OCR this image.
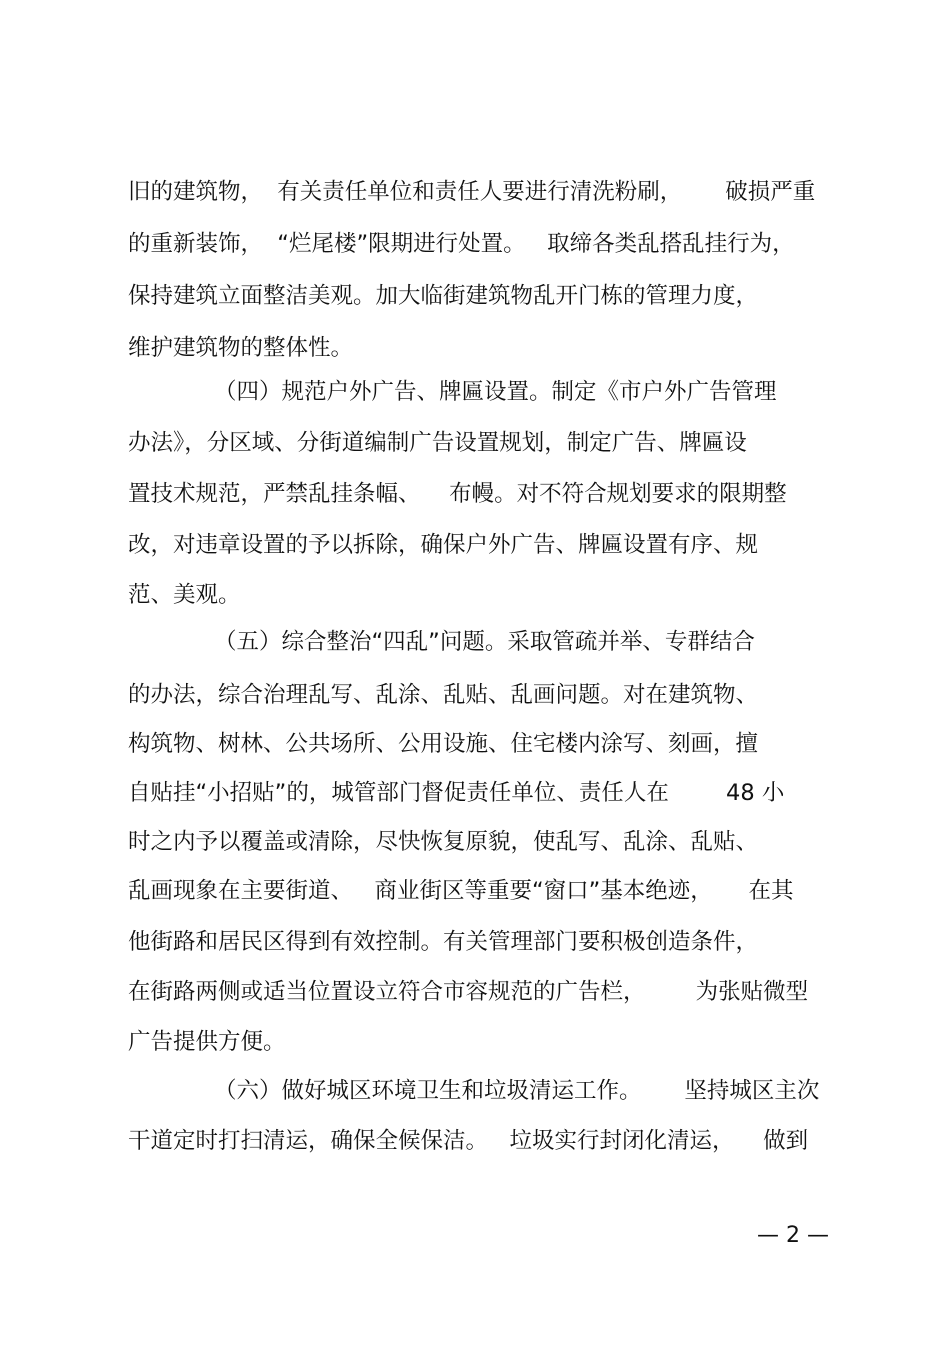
旧的建筑物，  有关责任单位和责任人要进行清洗粉刷，      破损严重
的重新装饰，  “烂尾楼”限期进行处置。   取缔各类乱搭乱挂行为，
保持建筑立面整洁美观。加大临街建筑物乱开门栋的管理力度，
维护建筑物的整体性。
（四）规范户外广告、牌匾设置。制定《市户外广告管理
办法》，分区域、分街道编制广告设置规划，制定广告、牌匾设
置技术规范，严禁乱挂条幅、    布幔。对不符合规划要求的限期整
改，对违章设置的予以拆除，确保户外广告、牌匾设置有序、规
范、美观。
（五）综合整治“四乱”问题。采取管疏并举、专群结合
的办法，综合治理乱写、乱涂、乱贴、乱画问题。对在建筑物、
构筑物、树林、公共场所、公用设施、住宅楼内涂写、刻画，擅
自贴挂“小招贴”的，城管部门督促责任单位、责任人在        48 小
时之内予以覆盖或清除，尽快恢复原貌，使乱写、乱涂、乱贴、
乱画现象在主要街道、   商业街区等重要“窗口”基本绝迹，     在其
他街路和居民区得到有效控制。有关管理部门要积极创造条件，
在街路两侧或适当位置设立符合市容规范的广告栏，       为张贴微型
广告提供方便。
（六）做好城区环境卫生和垃圾清运工作。      坚持城区主次
干道定时打扫清运，确保全候保洁。   垃圾实行封闭化清运，    做到
— 2 —
